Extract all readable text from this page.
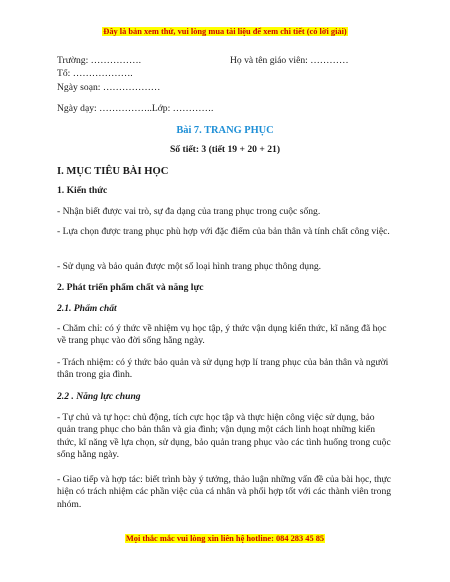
Đây là bản xem thử, vui lòng mua tài liệu để xem chi tiết (có lời giải)
Trường: …………….	Họ và tên giáo viên: …………
Tổ: ……………….
Ngày soạn: ………………
Ngày dạy: ……………..Lớp: ………….
Bài 7. TRANG PHỤC
Số tiết: 3 (tiết 19 + 20 + 21)
I. MỤC TIÊU BÀI HỌC
1. Kiến thức
- Nhận biết được vai trò, sự đa dạng của trang phục trong cuộc sống.
- Lựa chọn được trang phục phù hợp với đặc điểm của bản thân và tính chất công việc.
- Sử dụng và bảo quản được một số loại hình trang phục thông dụng.
2. Phát triển phẩm chất và năng lực
2.1. Phẩm chất
- Chăm chỉ: có ý thức về nhiệm vụ học tập, ý thức vận dụng kiến thức, kĩ năng đã học về trang phục vào đời sống hằng ngày.
- Trách nhiệm: có ý thức bảo quản và sử dụng hợp lí trang phục của bản thân và người thân trong gia đình.
2.2 . Năng lực chung
- Tự chủ và tự học: chủ động, tích cực học tập và thực hiện công việc sử dụng, bảo quản trang phục cho bản thân và gia đình; vận dụng một cách linh hoạt những kiến thức, kĩ năng về lựa chọn, sử dụng, bảo quản trang phục vào các tình huống trong cuộc sống hằng ngày.
- Giao tiếp và hợp tác: biết trình bày ý tưởng, thảo luận những vấn đề của bài học, thực hiện có trách nhiệm các phần việc của cá nhân và phối hợp tốt với các thành viên trong nhóm.
Mọi thắc mắc vui lòng xin liên hệ hotline: 084 283 45 85
